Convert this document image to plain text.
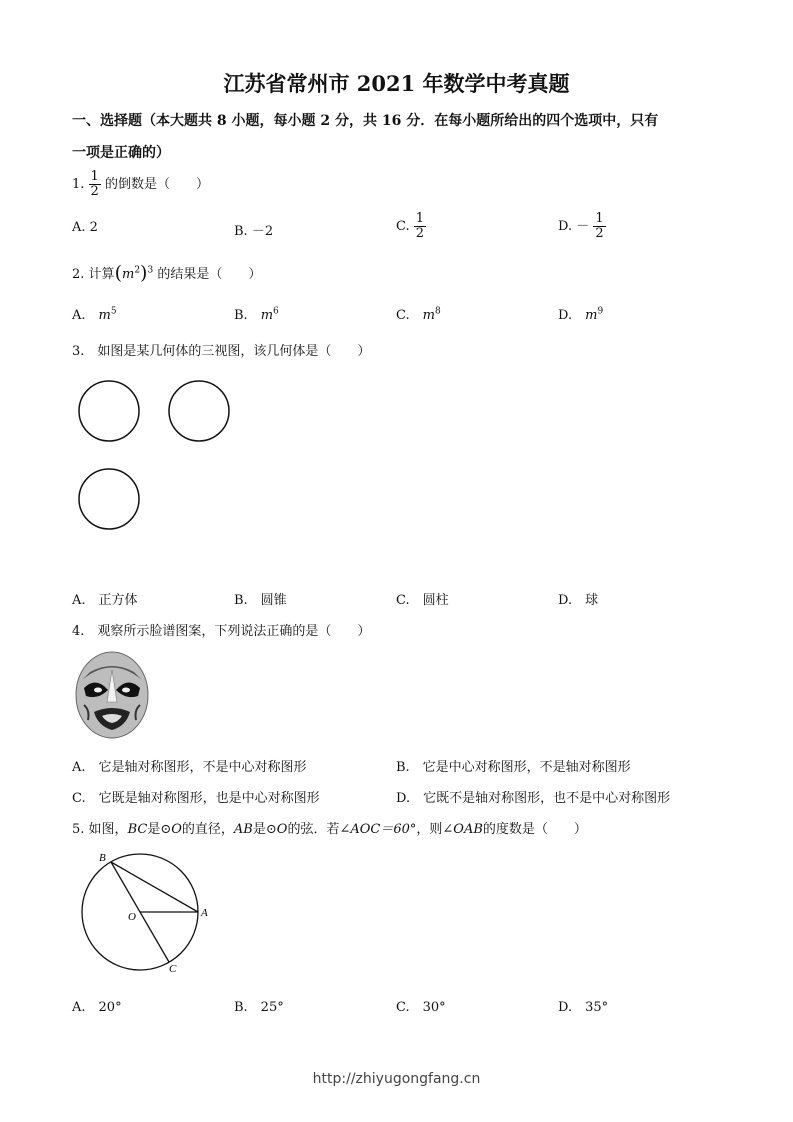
江苏省常州市 2021 年数学中考真题
一、选择题（本大题共 8 小题，每小题 2 分，共 16 分．在每小题所给出的四个选项中，只有
一项是正确的）
1. $\frac{1}{2}$ 的倒数是（　　）
A. 2	B. －2	C. $\frac{1}{2}$	D. － $\frac{1}{2}$
2. 计算$(m^2)^3$ 的结果是（　　）
A.　 $m^5$	B.　 $m^6$	C.　 $m^8$	D.　 $m^9$
3.　如图是某几何体的三视图，该几何体是（　　）
A.　正方体	B.　圆锥	C.　圆柱	D.　球
4.　观察所示脸谱图案，下列说法正确的是（　　）
A.　它是轴对称图形，不是中心对称图形	B.　它是中心对称图形，不是轴对称图形
C.　它既是轴对称图形，也是中心对称图形	D.　它既不是轴对称图形，也不是中心对称图形
5. 如图，BC是⊙O的直径，AB是⊙O的弦．若∠AOC＝60°，则∠OAB的度数是（　　）
B
O	A
C
A.　20°	B.　25°	C.　30°	D.　35°
http://zhiyugongfang.cn
